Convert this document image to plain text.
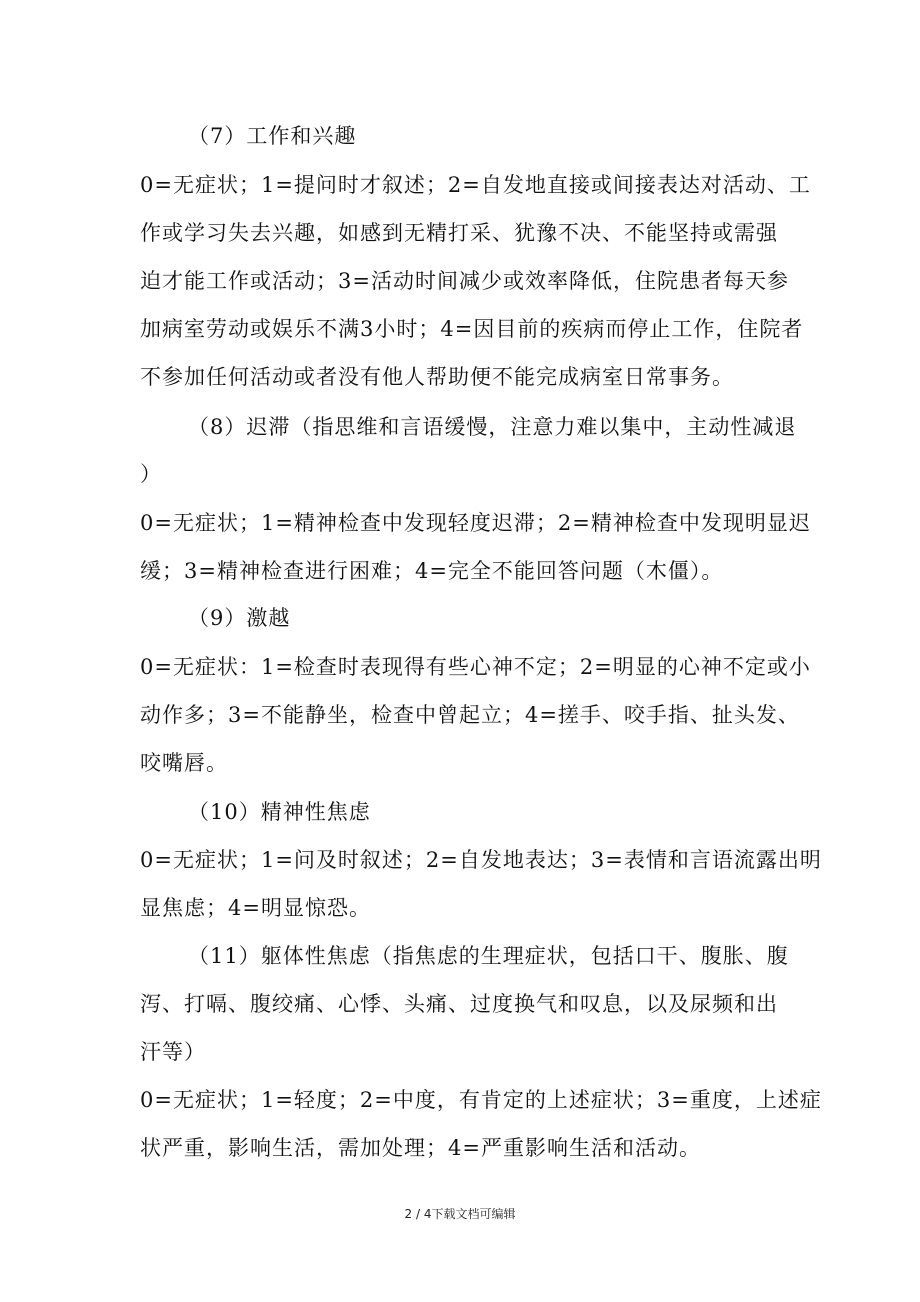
（7）工作和兴趣
0=无症状；1=提问时才叙述；2=自发地直接或间接表达对活动、工
作或学习失去兴趣，如感到无精打采、犹豫不决、不能坚持或需强
迫才能工作或活动；3=活动时间减少或效率降低，住院患者每天参
加病室劳动或娱乐不满3小时；4=因目前的疾病而停止工作，住院者
不参加任何活动或者没有他人帮助便不能完成病室日常事务。
（8）迟滞（指思维和言语缓慢，注意力难以集中，主动性减退
）
0=无症状；1=精神检查中发现轻度迟滞；2=精神检查中发现明显迟
缓；3=精神检查进行困难；4=完全不能回答问题（木僵）。
（9）激越
0=无症状：1=检查时表现得有些心神不定；2=明显的心神不定或小
动作多；3=不能静坐，检查中曾起立；4=搓手、咬手指、扯头发、
咬嘴唇。
（10）精神性焦虑
0=无症状；1=问及时叙述；2=自发地表达；3=表情和言语流露出明
显焦虑；4=明显惊恐。
（11）躯体性焦虑（指焦虑的生理症状，包括口干、腹胀、腹
泻、打嗝、腹绞痛、心悸、头痛、过度换气和叹息，以及尿频和出
汗等）
0=无症状；1=轻度；2=中度，有肯定的上述症状；3=重度，上述症
状严重，影响生活，需加处理；4=严重影响生活和活动。
2 / 4下载文档可编辑
